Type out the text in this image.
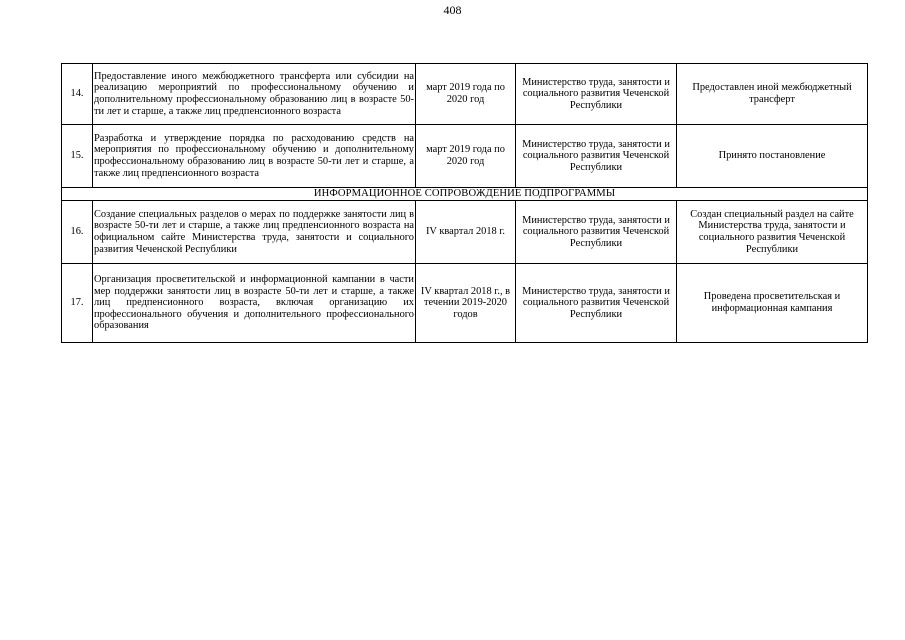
408
14.	Предоставление иного межбюджетного трансферта или субсидии на реализацию мероприятий по профессиональному обучению и дополнительному профессиональному образованию лиц в возрасте 50-ти лет и старше, а также лиц предпенсионного возраста	март 2019 года по 2020 год	Министерство труда, занятости и социального развития Чеченской Республики	Предоставлен иной межбюджетный трансферт
15.	Разработка и утверждение порядка по расходованию средств на мероприятия по профессиональному обучению и дополнительному профессиональному образованию лиц в возрасте 50-ти лет и старше, а также лиц предпенсионного возраста	март 2019 года по 2020 год	Министерство труда, занятости и социального развития Чеченской Республики	Принято постановление
ИНФОРМАЦИОННОЕ СОПРОВОЖДЕНИЕ ПОДПРОГРАММЫ				
16.	Создание специальных разделов о мерах по поддержке занятости лиц в возрасте 50-ти лет и старше, а также лиц предпенсионного возраста на официальном сайте Министерства труда, занятости и социального развития Чеченской Республики	IV квартал 2018 г.	Министерство труда, занятости и социального развития Чеченской Республики	Создан специальный раздел на сайте Министерства труда, занятости и социального развития Чеченской Республики
17.	Организация просветительской и информационной кампании в части мер поддержки занятости лиц в возрасте 50-ти лет и старше, а также лиц предпенсионного возраста, включая организацию их профессионального обучения и дополнительного профессионального образования	IV квартал 2018 г., в течении 2019-2020 годов	Министерство труда, занятости и социального развития Чеченской Республики	Проведена просветительская и информационная кампания
